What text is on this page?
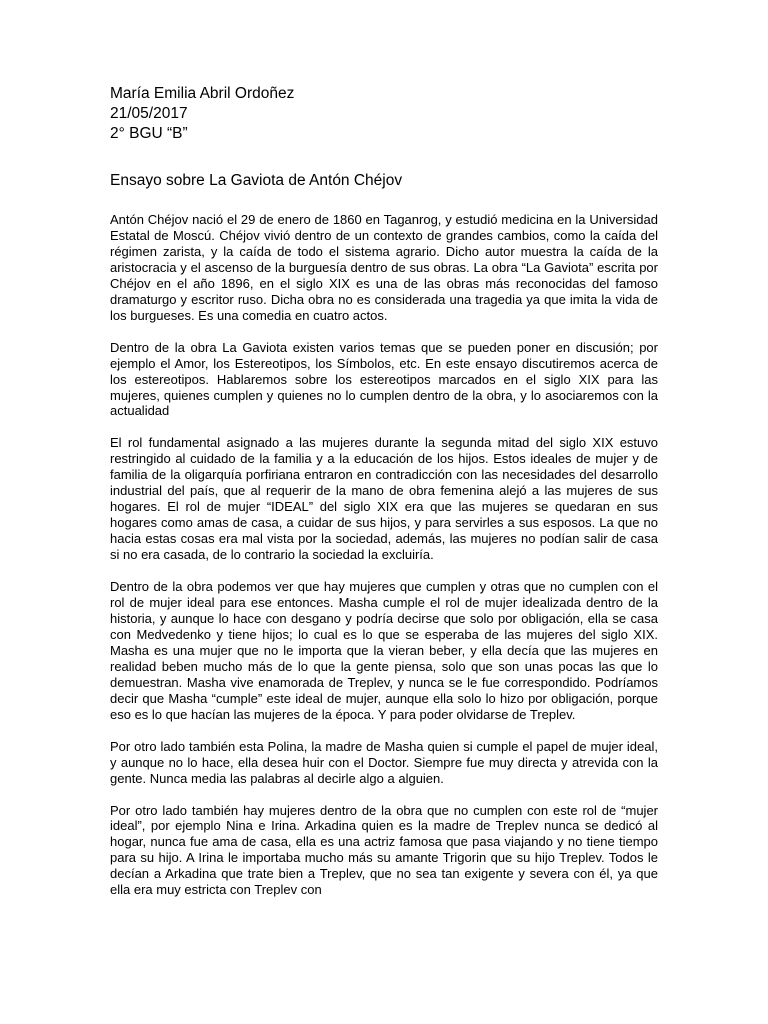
María Emilia Abril Ordoñez

21/05/2017

2° BGU “B”

Ensayo sobre La Gaviota de Antón Chéjov

Antón Chéjov nació el 29 de enero de 1860 en Taganrog, y estudió medicina en la Universidad Estatal de Moscú. Chéjov vivió dentro de un contexto de grandes cambios, como la caída del régimen zarista, y la caída de todo el sistema agrario. Dicho autor muestra la caída de la aristocracia y el ascenso de la burguesía dentro de sus obras. La obra “La Gaviota” escrita por Chéjov en el año 1896, en el siglo XIX es una de las obras más reconocidas del famoso dramaturgo y escritor ruso. Dicha obra no es considerada una tragedia ya que imita la vida de los burgueses. Es una comedia en cuatro actos.

Dentro de la obra La Gaviota existen varios temas que se pueden poner en discusión; por ejemplo el Amor, los Estereotipos, los Símbolos, etc. En este ensayo discutiremos acerca de los estereotipos. Hablaremos sobre los estereotipos marcados en el siglo XIX para las mujeres, quienes cumplen y quienes no lo cumplen dentro de la obra, y lo asociaremos con la actualidad

El rol fundamental asignado a las mujeres durante la segunda mitad del siglo XIX estuvo restringido al cuidado de la familia y a la educación de los hijos. Estos ideales de mujer y de familia de la oligarquía porfiriana entraron en contradicción con las necesidades del desarrollo industrial del país, que al requerir de la mano de obra femenina alejó a las mujeres de sus hogares. El rol de mujer “IDEAL” del siglo XIX era que las mujeres se quedaran en sus hogares como amas de casa, a cuidar de sus hijos, y para servirles a sus esposos. La que no hacia estas cosas era mal vista por la sociedad, además, las mujeres no podían salir de casa si no era casada, de lo contrario la sociedad la excluiría.

Dentro de la obra podemos ver que hay mujeres que cumplen y otras que no cumplen con el rol de mujer ideal para ese entonces. Masha cumple el rol de mujer idealizada dentro de la historia, y aunque lo hace con desgano y podría decirse que solo por obligación, ella se casa con Medvedenko y tiene hijos; lo cual es lo que se esperaba de las mujeres del siglo XIX. Masha es una mujer que no le importa que la vieran beber, y ella decía que las mujeres en realidad beben mucho más de lo que la gente piensa, solo que son unas pocas las que lo demuestran. Masha vive enamorada de Treplev, y nunca se le fue correspondido. Podríamos decir que Masha “cumple” este ideal de mujer, aunque ella solo lo hizo por obligación, porque eso es lo que hacían las mujeres de la época. Y para poder olvidarse de Treplev.

Por otro lado también esta Polina, la madre de Masha quien si cumple el papel de mujer ideal, y aunque no lo hace, ella desea huir con el Doctor. Siempre fue muy directa y atrevida con la gente. Nunca media las palabras al decirle algo a alguien.

Por otro lado también hay mujeres dentro de la obra que no cumplen con este rol de “mujer ideal”, por ejemplo Nina e Irina. Arkadina quien es la madre de Treplev nunca se dedicó al hogar, nunca fue ama de casa, ella es una actriz famosa que pasa viajando y no tiene tiempo para su hijo. A Irina le importaba mucho más su amante Trigorin que su hijo Treplev. Todos le decían a Arkadina que trate bien a Treplev, que no sea tan exigente y severa con él, ya que ella era muy estricta con Treplev con
